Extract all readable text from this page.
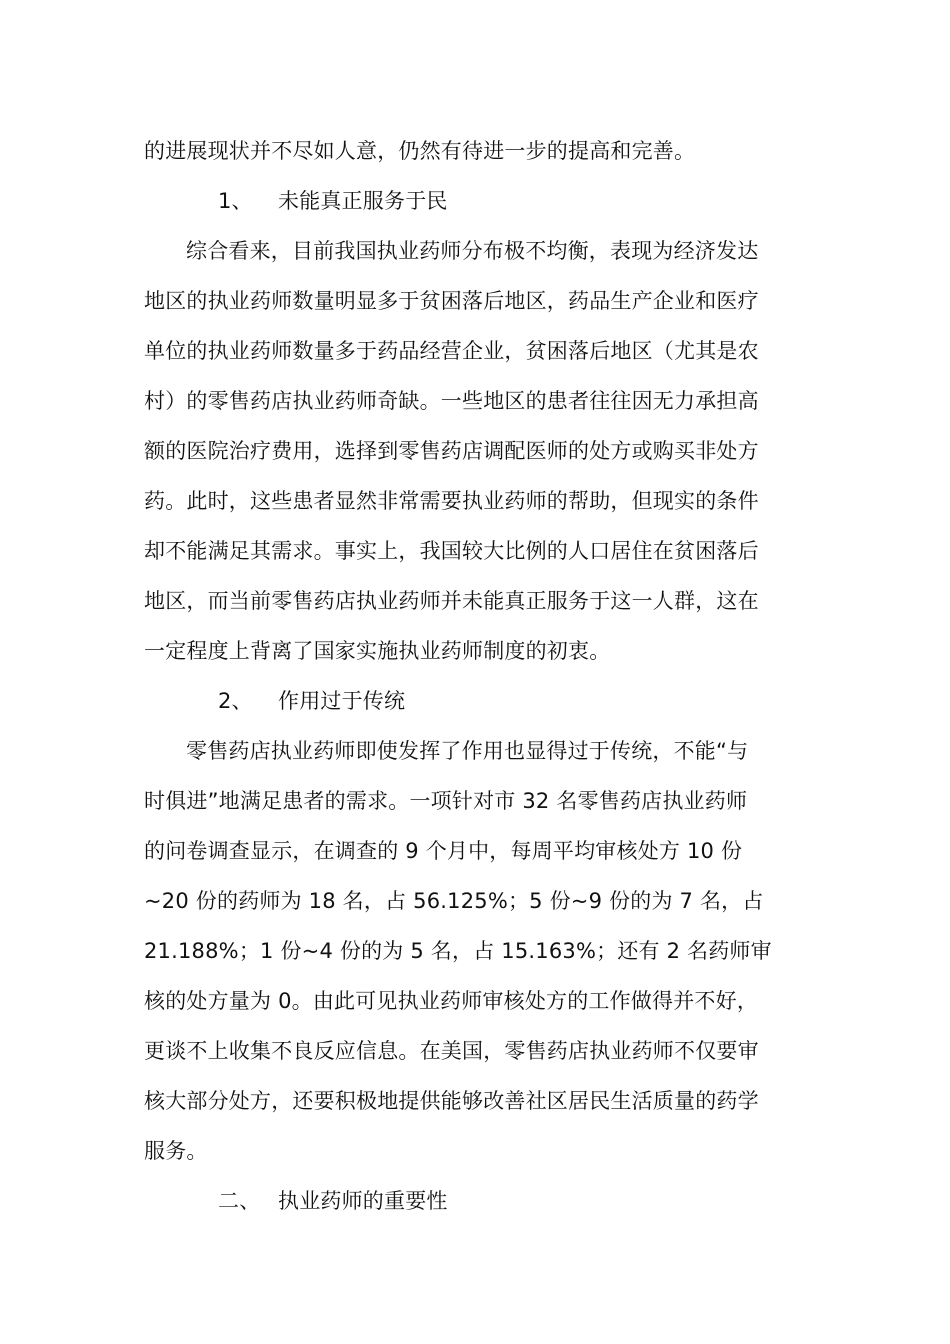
的进展现状并不尽如人意，仍然有待进一步的提高和完善。
1、 未能真正服务于民
综合看来，目前我国执业药师分布极不均衡，表现为经济发达
地区的执业药师数量明显多于贫困落后地区，药品生产企业和医疗
单位的执业药师数量多于药品经营企业，贫困落后地区（尤其是农
村）的零售药店执业药师奇缺。一些地区的患者往往因无力承担高
额的医院治疗费用，选择到零售药店调配医师的处方或购买非处方
药。此时，这些患者显然非常需要执业药师的帮助，但现实的条件
却不能满足其需求。事实上，我国较大比例的人口居住在贫困落后
地区，而当前零售药店执业药师并未能真正服务于这一人群，这在
一定程度上背离了国家实施执业药师制度的初衷。
2、 作用过于传统
零售药店执业药师即使发挥了作用也显得过于传统，不能“与
时俱进”地满足患者的需求。一项针对市 32 名零售药店执业药师
的问卷调查显示，在调查的 9 个月中，每周平均审核处方 10 份
~20 份的药师为 18 名，占 56.125%；5 份~9 份的为 7 名，占
21.188%；1 份~4 份的为 5 名，占 15.163%；还有 2 名药师审
核的处方量为 0。由此可见执业药师审核处方的工作做得并不好，
更谈不上收集不良反应信息。在美国，零售药店执业药师不仅要审
核大部分处方，还要积极地提供能够改善社区居民生活质量的药学
服务。
二、 执业药师的重要性
